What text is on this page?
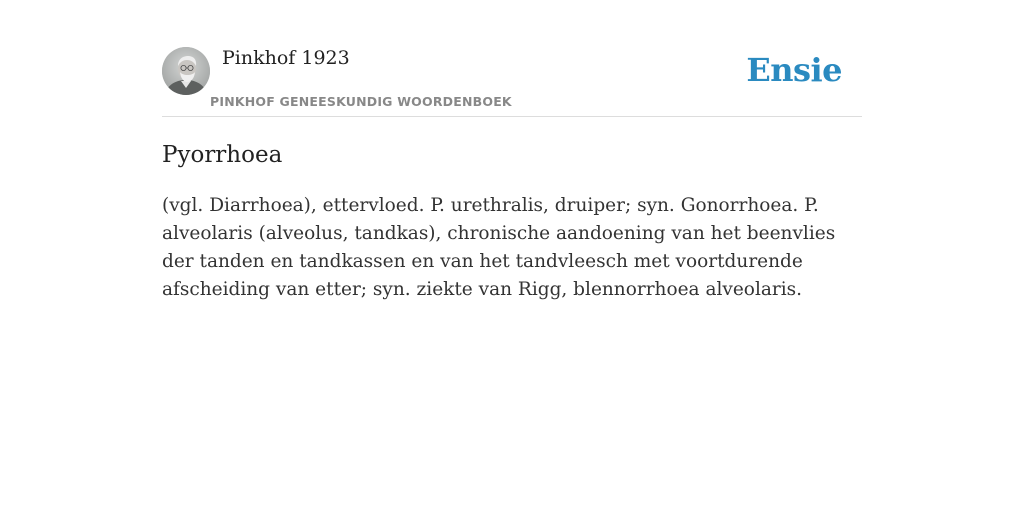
Pinkhof 1923
PINKHOF GENEESKUNDIG WOORDENBOEK
Ensie
Pyorrhoea

(vgl. Diarrhoea), ettervloed. P. urethralis, druiper; syn. Gonorrhoea. P. alveolaris (alveolus, tandkas), chronische aandoening van het beenvlies der tanden en tandkassen en van het tandvleesch met voortdurende afscheiding van etter; syn. ziekte van Rigg, blennorrhoea alveolaris.
